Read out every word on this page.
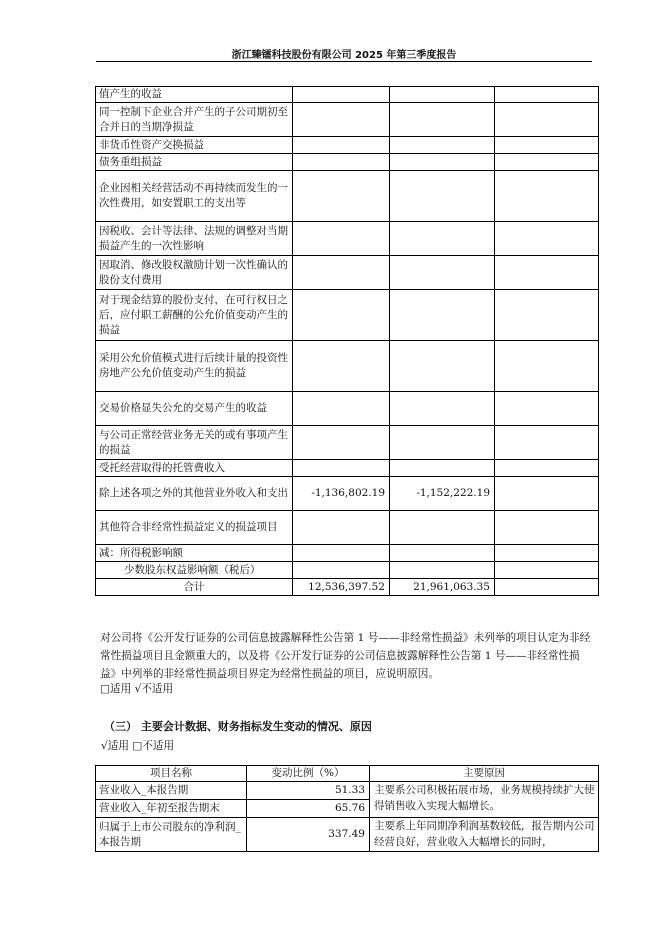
浙江臻镭科技股份有限公司 2025 年第三季度报告
值产生的收益			
同一控制下企业合并产生的子公司期初至合并日的当期净损益			
非货币性资产交换损益			
债务重组损益			
企业因相关经营活动不再持续而发生的一次性费用，如安置职工的支出等			
因税收、会计等法律、法规的调整对当期损益产生的一次性影响			
因取消、修改股权激励计划一次性确认的股份支付费用			
对于现金结算的股份支付，在可行权日之后，应付职工薪酬的公允价值变动产生的损益			
采用公允价值模式进行后续计量的投资性房地产公允价值变动产生的损益			
交易价格显失公允的交易产生的收益			
与公司正常经营业务无关的或有事项产生的损益			
受托经营取得的托管费收入			
除上述各项之外的其他营业外收入和支出	-1,136,802.19	-1,152,222.19	
其他符合非经常性损益定义的损益项目			
减：所得税影响额			
少数股东权益影响额（税后）			
合计	12,536,397.52	21,961,063.35	
对公司将《公开发行证券的公司信息披露解释性公告第 1 号——非经常性损益》未列举的项目认定为非经常性损益项目且金额重大的，以及将《公开发行证券的公司信息披露解释性公告第 1 号——非经常性损益》中列举的非经常性损益项目界定为经常性损益的项目，应说明原因。
□适用 √不适用
（三） 主要会计数据、财务指标发生变动的情况、原因
√适用 □不适用
项目名称	变动比例（%）	主要原因
营业收入_本报告期	51.33	主要系公司积极拓展市场，业务规模持续扩大使得销售收入实现大幅增长。
营业收入_年初至报告期末	65.76	
归属于上市公司股东的净利润_本报告期	337.49	主要系上年同期净利润基数较低，报告期内公司经营良好，营业收入大幅增长的同时，
